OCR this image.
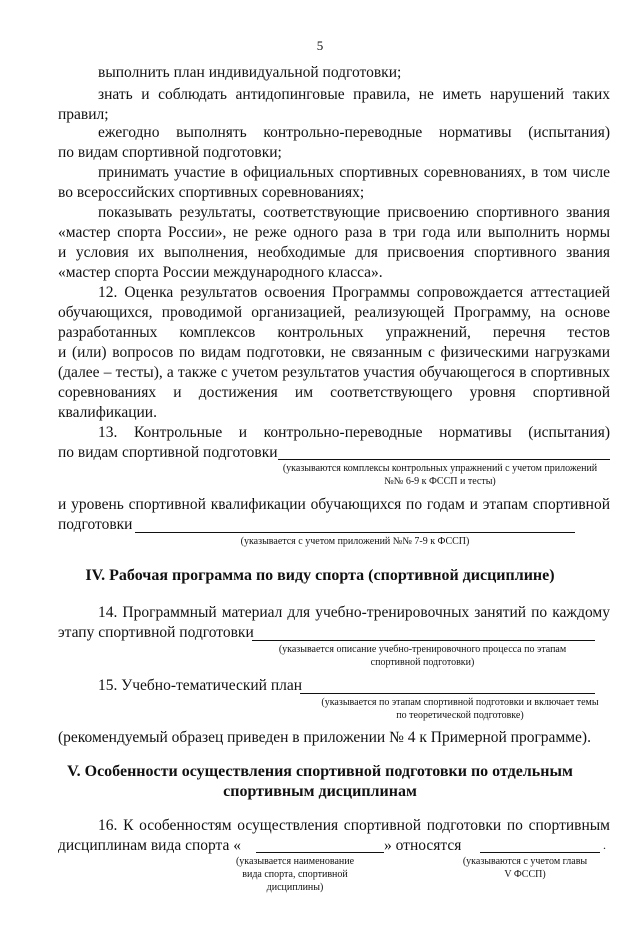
5
выполнить план индивидуальной подготовки;
знать и соблюдать антидопинговые правила, не иметь нарушений таких
правил;
ежегодно выполнять контрольно-переводные нормативы (испытания)
по видам спортивной подготовки;
принимать участие в официальных спортивных соревнованиях, в том числе
во всероссийских спортивных соревнованиях;
показывать результаты, соответствующие присвоению спортивного звания
«мастер спорта России», не реже одного раза в три года или выполнить нормы
и условия их выполнения, необходимые для присвоения спортивного звания
«мастер спорта России международного класса».
12. Оценка результатов освоения Программы сопровождается аттестацией
обучающихся, проводимой организацией, реализующей Программу, на основе
разработанных комплексов контрольных упражнений, перечня тестов
и (или) вопросов по видам подготовки, не связанным с физическими нагрузками
(далее – тесты), а также с учетом результатов участия обучающегося в спортивных
соревнованиях и достижения им соответствующего уровня спортивной
квалификации.
13. Контрольные и контрольно-переводные нормативы (испытания)
по видам спортивной подготовки
(указываются комплексы контрольных упражнений с учетом приложений
№№ 6-9 к ФССП и тесты)
и уровень спортивной квалификации обучающихся по годам и этапам спортивной
подготовки
(указывается с учетом приложений №№ 7-9 к ФССП)
IV. Рабочая программа по виду спорта (спортивной дисциплине)
14. Программный материал для учебно-тренировочных занятий по каждому
этапу спортивной подготовки
(указывается описание учебно-тренировочного процесса по этапам
спортивной подготовки)
15. Учебно-тематический план
(указывается по этапам спортивной подготовки и включает темы
по теоретической подготовке)
(рекомендуемый образец приведен в приложении № 4 к Примерной программе).
V. Особенности осуществления спортивной подготовки по отдельным
спортивным дисциплинам
16. К особенностям осуществления спортивной подготовки по спортивным
дисциплинам вида спорта «	» относятся	.
(указывается наименование
вида спорта, спортивной
дисциплины)
(указываются с учетом главы
V ФССП)
